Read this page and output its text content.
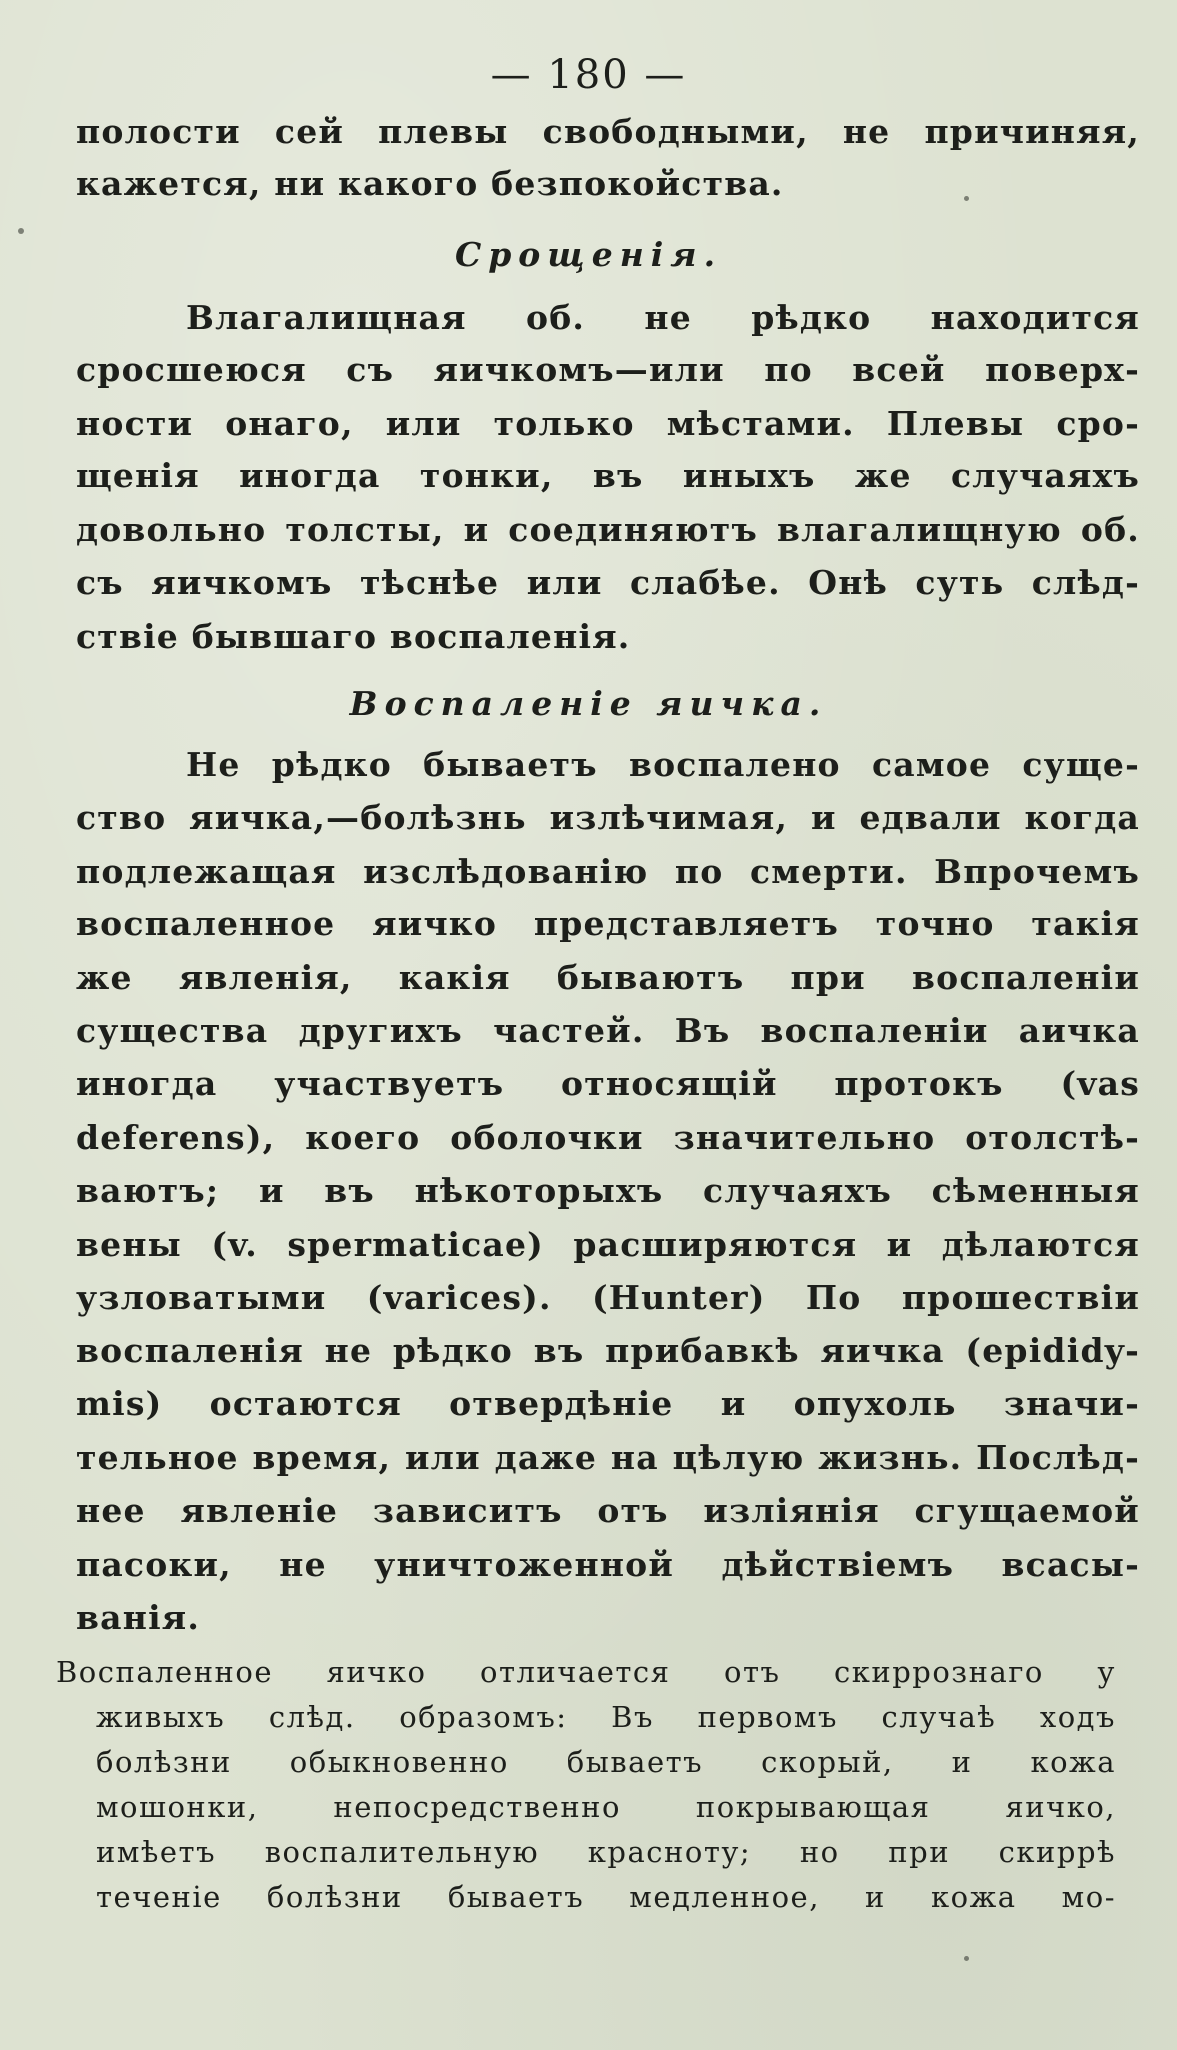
— 180 —
полости сей плевы свободными, не причиняя,
кажется, ни какого безпокойства.
Срощенія.
Влагалищная об. не рѣдко находится
сросшеюся съ яичкомъ—или по всей поверх-
ности онаго, или только мѣстами. Плевы сро-
щенія иногда тонки, въ иныхъ же случаяхъ
довольно толсты, и соединяютъ влагалищную об.
съ яичкомъ тѣснѣе или слабѣе. Онѣ суть слѣд-
ствіе бывшаго воспаленія.
Воспаленіе яичка.
Не рѣдко бываетъ воспалено самое суще-
ство яичка,—болѣзнь излѣчимая, и едвали когда
подлежащая изслѣдованію по смерти. Впрочемъ
воспаленное яичко представляетъ точно такія
же явленія, какія бываютъ при воспаленіи
существа другихъ частей. Въ воспаленіи аичка
иногда участвуетъ относящій протокъ (vas
deferens), коего оболочки значительно отолстѣ-
ваютъ; и въ нѣкоторыхъ случаяхъ сѣменныя
вены (v. spermaticae) расширяются и дѣлаются
узловатыми (varices). (Hunter) По прошествіи
воспаленія не рѣдко въ прибавкѣ яичка (epididy-
mis) остаются отвердѣніе и опухоль значи-
тельное время, или даже на цѣлую жизнь. Послѣд-
нее явленіе зависитъ отъ изліянія сгущаемой
пасоки, не уничтоженной дѣйствіемъ всасы-
ванія.
Воспаленное яичко отличается отъ скиррознаго у
живыхъ слѣд. образомъ: Въ первомъ случаѣ ходъ
болѣзни обыкновенно бываетъ скорый, и кожа
мошонки, непосредственно покрывающая яичко,
имѣетъ воспалительную красноту; но при скиррѣ
теченіе болѣзни бываетъ медленное, и кожа мо-
